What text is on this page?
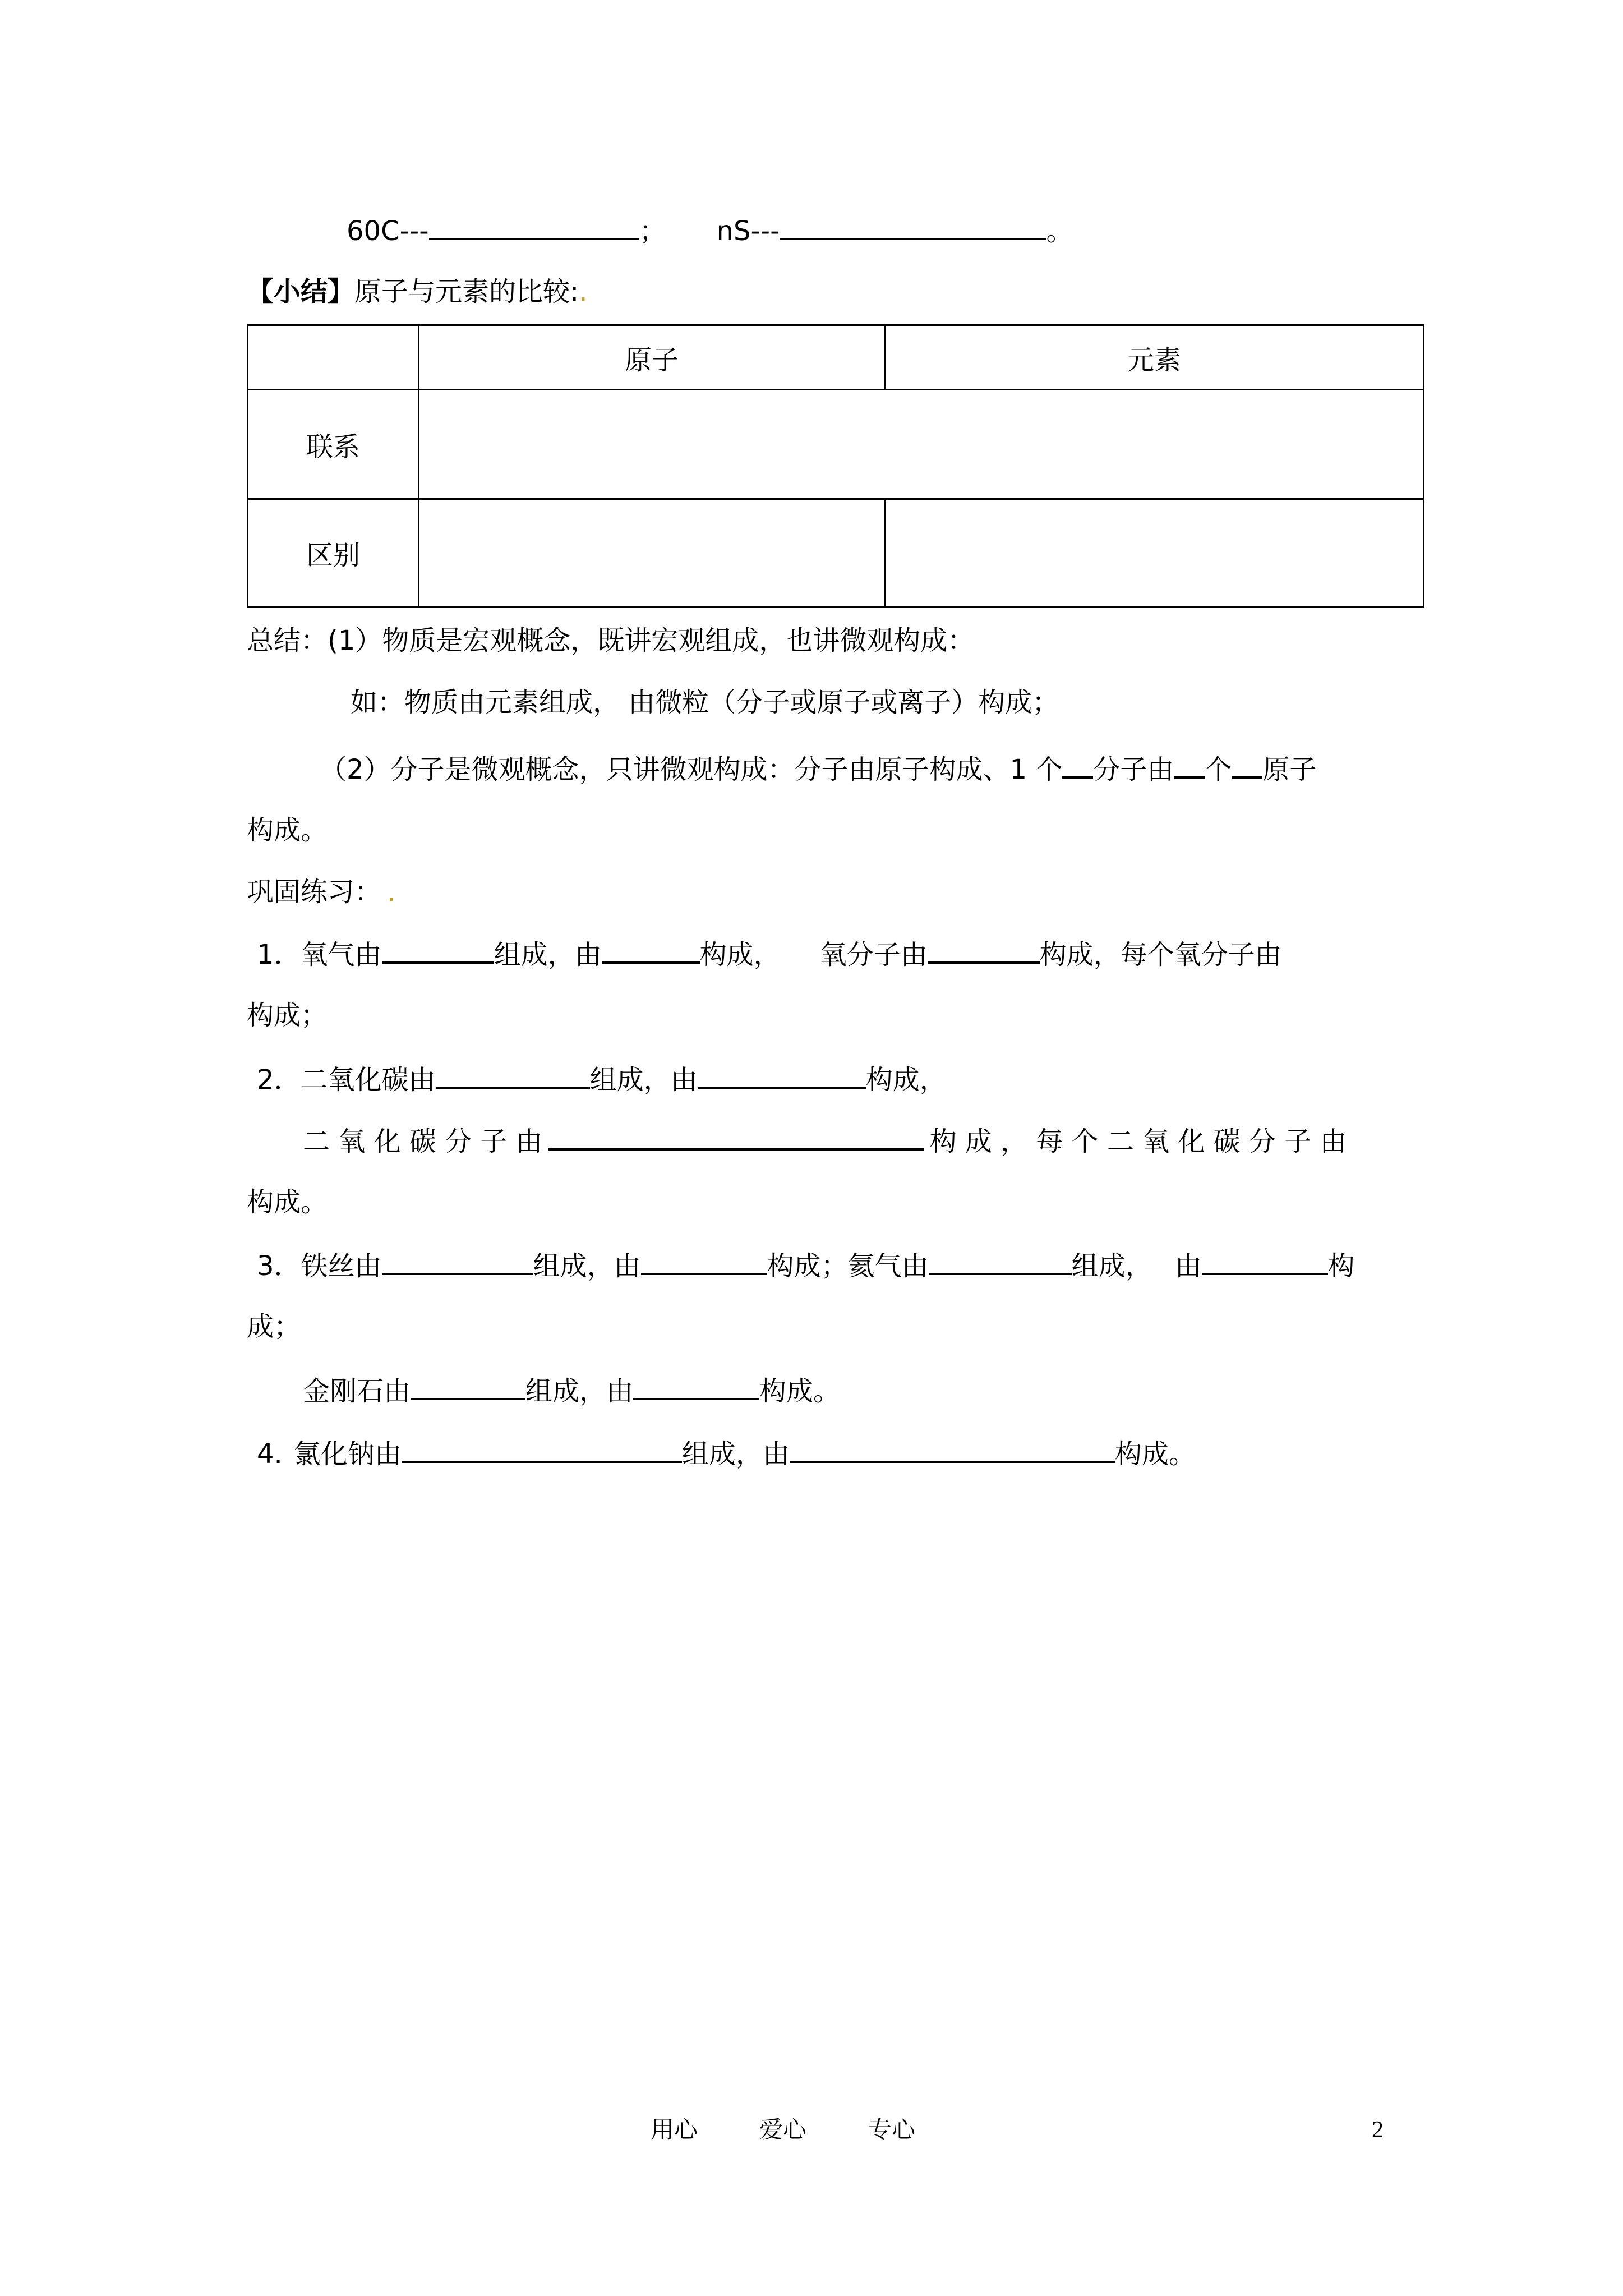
60C---	； nS---	。
【小结】原子与元素的比较:.
	原子	元素
联系		
区别		
总结：(1）物质是宏观概念，既讲宏观组成，也讲微观构成：
如：物质由元素组成， 由微粒（分子或原子或离子）构成；
（2）分子是微观概念，只讲微观构成：分子由原子构成、1 个 分子由 个 原子
构成。
巩固练习： .
1．氧气由	组成，由	构成， 氧分子由	构成，每个氧分子由
构成；
2．二氧化碳由	组成，由	构成，
二 氧 化 碳 分 子 由	构 成 ， 每 个 二 氧 化 碳 分 子 由
构成。
3．铁丝由	组成，由	构成；氦气由	组成， 由	构
成；
金刚石由	组成，由	构成。
4. 氯化钠由	组成，由	构成。
用心	爱心	专心	2
